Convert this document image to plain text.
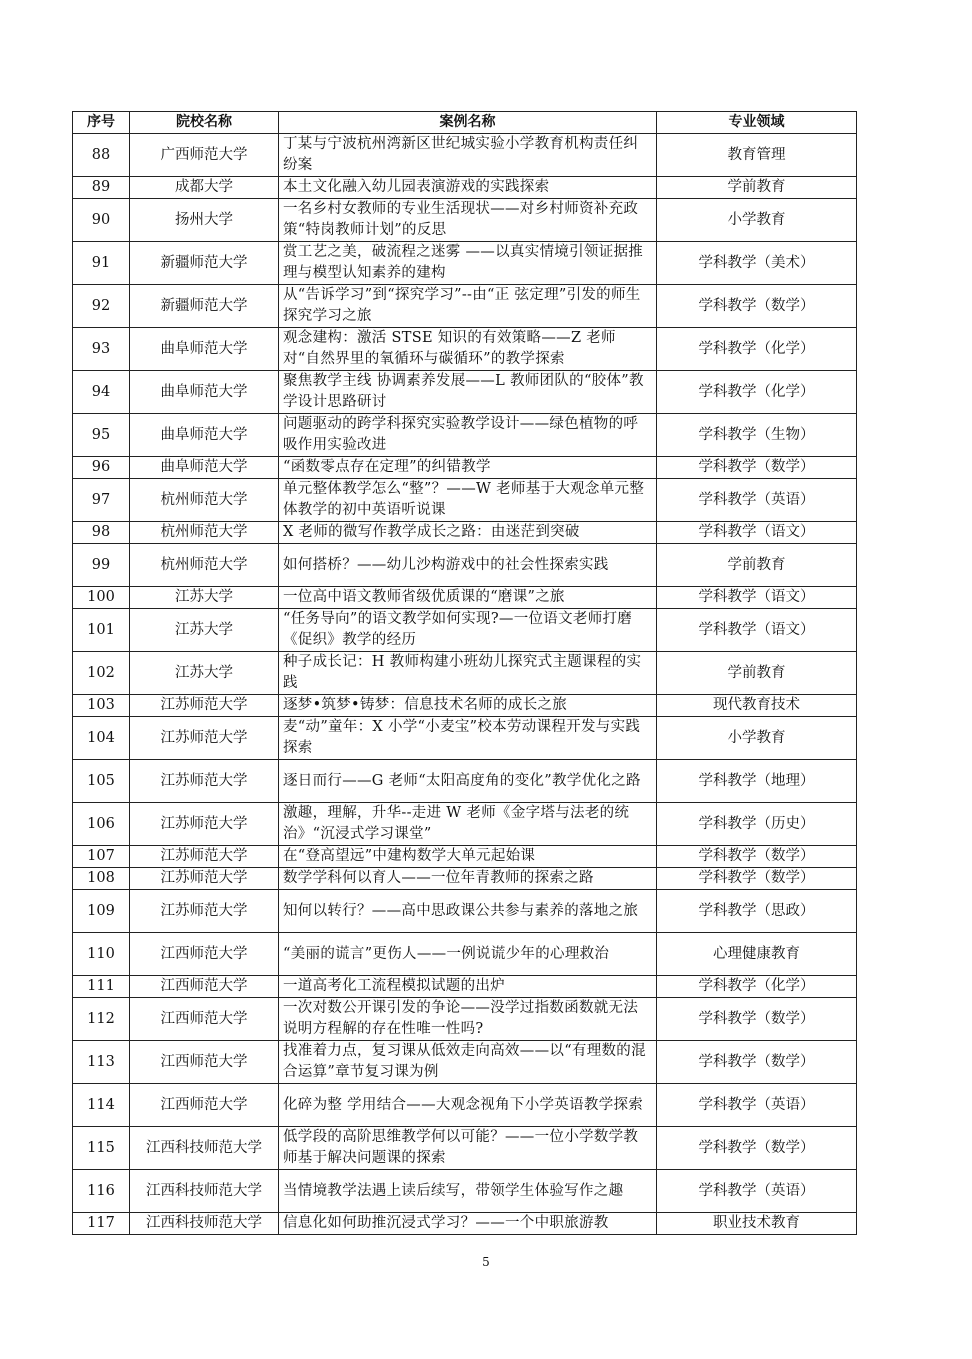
序号	院校名称	案例名称	专业领域
88	广西师范大学	丁某与宁波杭州湾新区世纪城实验小学教育机构责任纠纷案	教育管理
89	成都大学	本土文化融入幼儿园表演游戏的实践探索	学前教育
90	扬州大学	一名乡村女教师的专业生活现状——对乡村师资补充政策“特岗教师计划”的反思	小学教育
91	新疆师范大学	赏工艺之美，破流程之迷雾 ——以真实情境引领证据推理与模型认知素养的建构	学科教学（美术）
92	新疆师范大学	从“告诉学习”到“探究学习”--由“正 弦定理”引发的师生探究学习之旅	学科教学（数学）
93	曲阜师范大学	观念建构：激活 STSE 知识的有效策略——Z 老师对“自然界里的氧循环与碳循环”的教学探索	学科教学（化学）
94	曲阜师范大学	聚焦教学主线 协调素养发展——L 教师团队的“胶体”教学设计思路研讨	学科教学（化学）
95	曲阜师范大学	问题驱动的跨学科探究实验教学设计——绿色植物的呼吸作用实验改进	学科教学（生物）
96	曲阜师范大学	“函数零点存在定理”的纠错教学	学科教学（数学）
97	杭州师范大学	单元整体教学怎么“整”？——W 老师基于大观念单元整体教学的初中英语听说课	学科教学（英语）
98	杭州师范大学	X 老师的微写作教学成长之路：由迷茫到突破	学科教学（语文）
99	杭州师范大学	如何搭桥？——幼儿沙构游戏中的社会性探索实践	学前教育
100	江苏大学	一位高中语文教师省级优质课的“磨课”之旅	学科教学（语文）
101	江苏大学	“任务导向”的语文教学如何实现?—一位语文老师打磨《促织》教学的经历	学科教学（语文）
102	江苏大学	种子成长记：H 教师构建小班幼儿探究式主题课程的实践	学前教育
103	江苏师范大学	逐梦•筑梦•铸梦：信息技术名师的成长之旅	现代教育技术
104	江苏师范大学	麦“动”童年：X 小学“小麦宝”校本劳动课程开发与实践探索	小学教育
105	江苏师范大学	逐日而行——G 老师“太阳高度角的变化”教学优化之路	学科教学（地理）
106	江苏师范大学	激趣，理解，升华--走进 W 老师《金字塔与法老的统治》“沉浸式学习课堂”	学科教学（历史）
107	江苏师范大学	在“登高望远”中建构数学大单元起始课	学科教学（数学）
108	江苏师范大学	数学学科何以育人——一位年青教师的探索之路	学科教学（数学）
109	江苏师范大学	知何以转行？——高中思政课公共参与素养的落地之旅	学科教学（思政）
110	江西师范大学	“美丽的谎言”更伤人——一例说谎少年的心理救治	心理健康教育
111	江西师范大学	一道高考化工流程模拟试题的出炉	学科教学（化学）
112	江西师范大学	一次对数公开课引发的争论——没学过指数函数就无法说明方程解的存在性唯一性吗?	学科教学（数学）
113	江西师范大学	找准着力点，复习课从低效走向高效——以“有理数的混合运算”章节复习课为例	学科教学（数学）
114	江西师范大学	化碎为整 学用结合——大观念视角下小学英语教学探索	学科教学（英语）
115	江西科技师范大学	低学段的高阶思维教学何以可能？——一位小学数学教师基于解决问题课的探索	学科教学（数学）
116	江西科技师范大学	当情境教学法遇上读后续写，带领学生体验写作之趣	学科教学（英语）
117	江西科技师范大学	信息化如何助推沉浸式学习？——一个中职旅游教	职业技术教育
5
